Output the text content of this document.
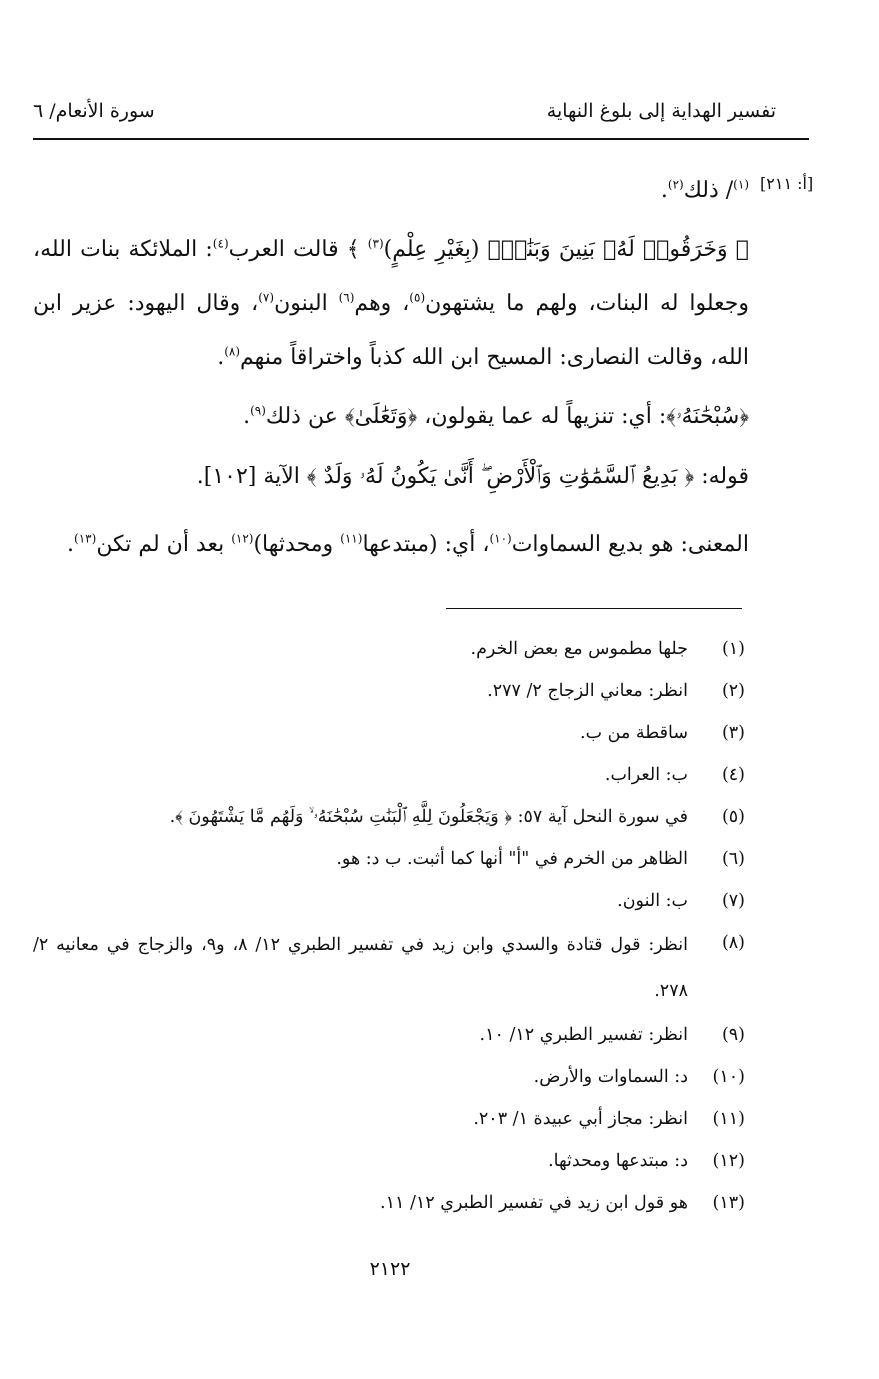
تفسير الهداية إلى بلوغ النهاية
سورة الأنعام/ ٦
[أ: ٢١١]

$^{(١)}$/ ذلك$^{(٢)}$.

﴿ وَخَرَقُوا۟ لَهُۥ بَنِينَ وَبَنَٰتٍۭ (بِغَيْرِ عِلْمٍ)$^{(٣)}$ ﴾ قالت العرب$^{(٤)}$: الملائكة بنات الله، وجعلوا له البنات، ولهم ما يشتهون$^{(٥)}$، وهم$^{(٦)}$ البنون$^{(٧)}$، وقال اليهود: عزير ابن الله، وقالت النصارى: المسيح ابن الله كذباً واختراقاً منهم$^{(٨)}$.

﴿سُبْحَٰنَهُۥ﴾: أي: تنزيهاً له عما يقولون، ﴿وَتَعَٰلَىٰ﴾ عن ذلك$^{(٩)}$.

قوله: ﴿ بَدِيعُ ٱلسَّمَٰوَٰتِ وَٱلْأَرْضِ ۖ أَنَّىٰ يَكُونُ لَهُۥ وَلَدٌ ﴾ الآية [١٠٢].

المعنى: هو بديع السماوات$^{(١٠)}$، أي: (مبتدعها$^{(١١)}$ ومحدثها)$^{(١٢)}$ بعد أن لم تكن$^{(١٣)}$.

(١)
جلها مطموس مع بعض الخرم.

(٢)
انظر: معاني الزجاج ٢/ ٢٧٧.

(٣)
ساقطة من ب.

(٤)
ب: العراب.

(٥)
في سورة النحل آية ٥٧: ﴿ وَيَجْعَلُونَ لِلَّهِ ٱلْبَنَٰتِ سُبْحَٰنَهُۥ ۙ وَلَهُم مَّا يَشْتَهُونَ ﴾.

(٦)
الظاهر من الخرم في "أ" أنها كما أثبت. ب د: هو.

(٧)
ب: النون.

(٨)
انظر: قول قتادة والسدي وابن زيد في تفسير الطبري ١٢/ ٨، و٩، والزجاج في معانيه ٢/ ٢٧٨.

(٩)
انظر: تفسير الطبري ١٢/ ١٠.

(١٠)
د: السماوات والأرض.

(١١)
انظر: مجاز أبي عبيدة ١/ ٢٠٣.

(١٢)
د: مبتدعها ومحدثها.

(١٣)
هو قول ابن زيد في تفسير الطبري ١٢/ ١١.

٢١٢٢
